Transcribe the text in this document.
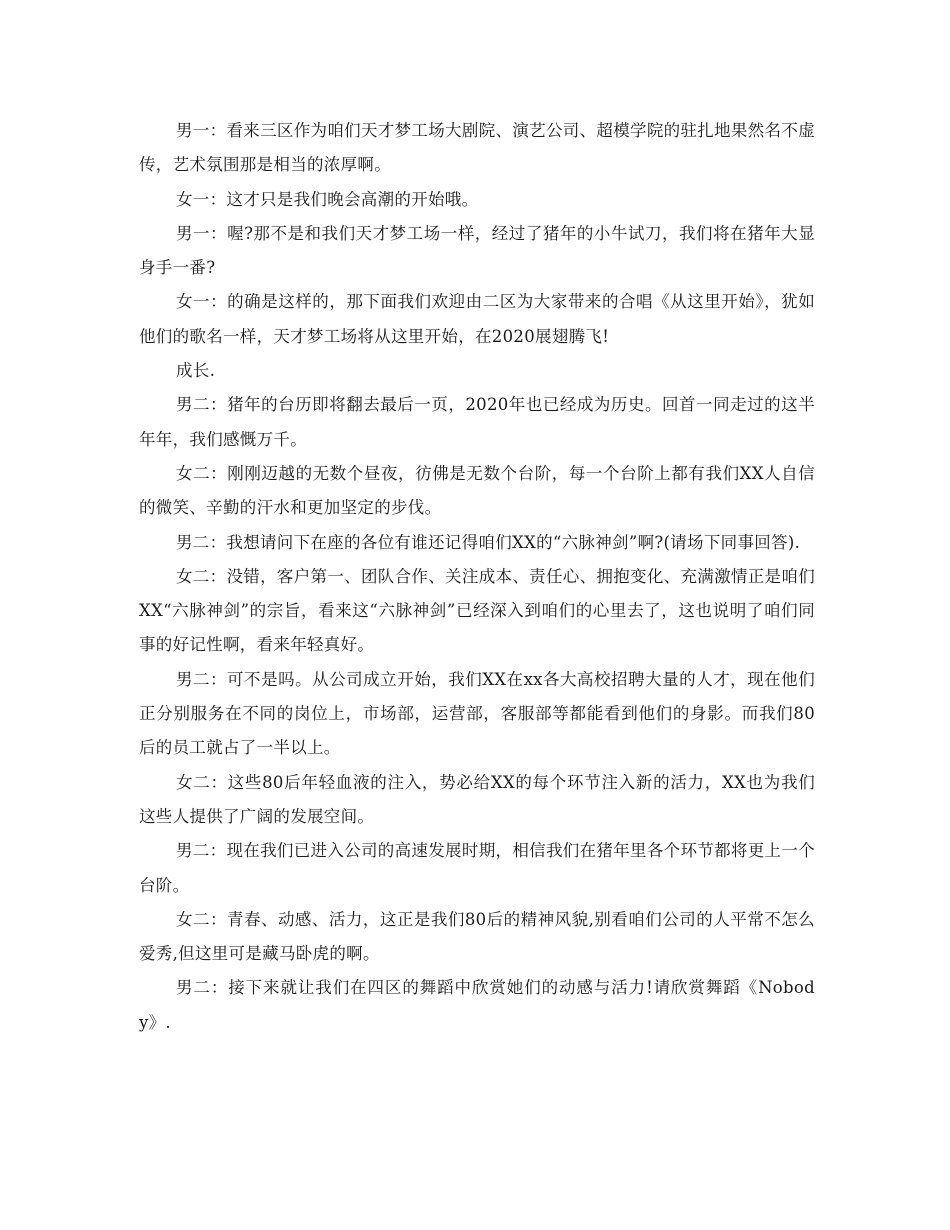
男一：看来三区作为咱们天才梦工场大剧院、演艺公司、超模学院的驻扎地果然名不虚传，艺术氛围那是相当的浓厚啊。

女一：这才只是我们晚会高潮的开始哦。

男一：喔?那不是和我们天才梦工场一样，经过了猪年的小牛试刀，我们将在猪年大显身手一番?

女一：的确是这样的，那下面我们欢迎由二区为大家带来的合唱《从这里开始》，犹如他们的歌名一样，天才梦工场将从这里开始，在2020展翅腾飞!

成长.

男二：猪年的台历即将翻去最后一页，2020年也已经成为历史。回首一同走过的这半年年，我们感慨万千。

女二：刚刚迈越的无数个昼夜，彷佛是无数个台阶，每一个台阶上都有我们XX人自信的微笑、辛勤的汗水和更加坚定的步伐。

男二：我想请问下在座的各位有谁还记得咱们XX的“六脉神剑”啊?(请场下同事回答).

女二：没错，客户第一、团队合作、关注成本、责任心、拥抱变化、充满激情正是咱们XX“六脉神剑”的宗旨，看来这“六脉神剑”已经深入到咱们的心里去了，这也说明了咱们同事的好记性啊，看来年轻真好。

男二：可不是吗。从公司成立开始，我们XX在xx各大高校招聘大量的人才，现在他们正分别服务在不同的岗位上，市场部，运营部，客服部等都能看到他们的身影。而我们80后的员工就占了一半以上。

女二：这些80后年轻血液的注入，势必给XX的每个环节注入新的活力，XX也为我们这些人提供了广阔的发展空间。

男二：现在我们已进入公司的高速发展时期，相信我们在猪年里各个环节都将更上一个台阶。

女二：青春、动感、活力，这正是我们80后的精神风貌,别看咱们公司的人平常不怎么爱秀,但这里可是藏马卧虎的啊。

男二：接下来就让我们在四区的舞蹈中欣赏她们的动感与活力!请欣赏舞蹈《Nobody》.
